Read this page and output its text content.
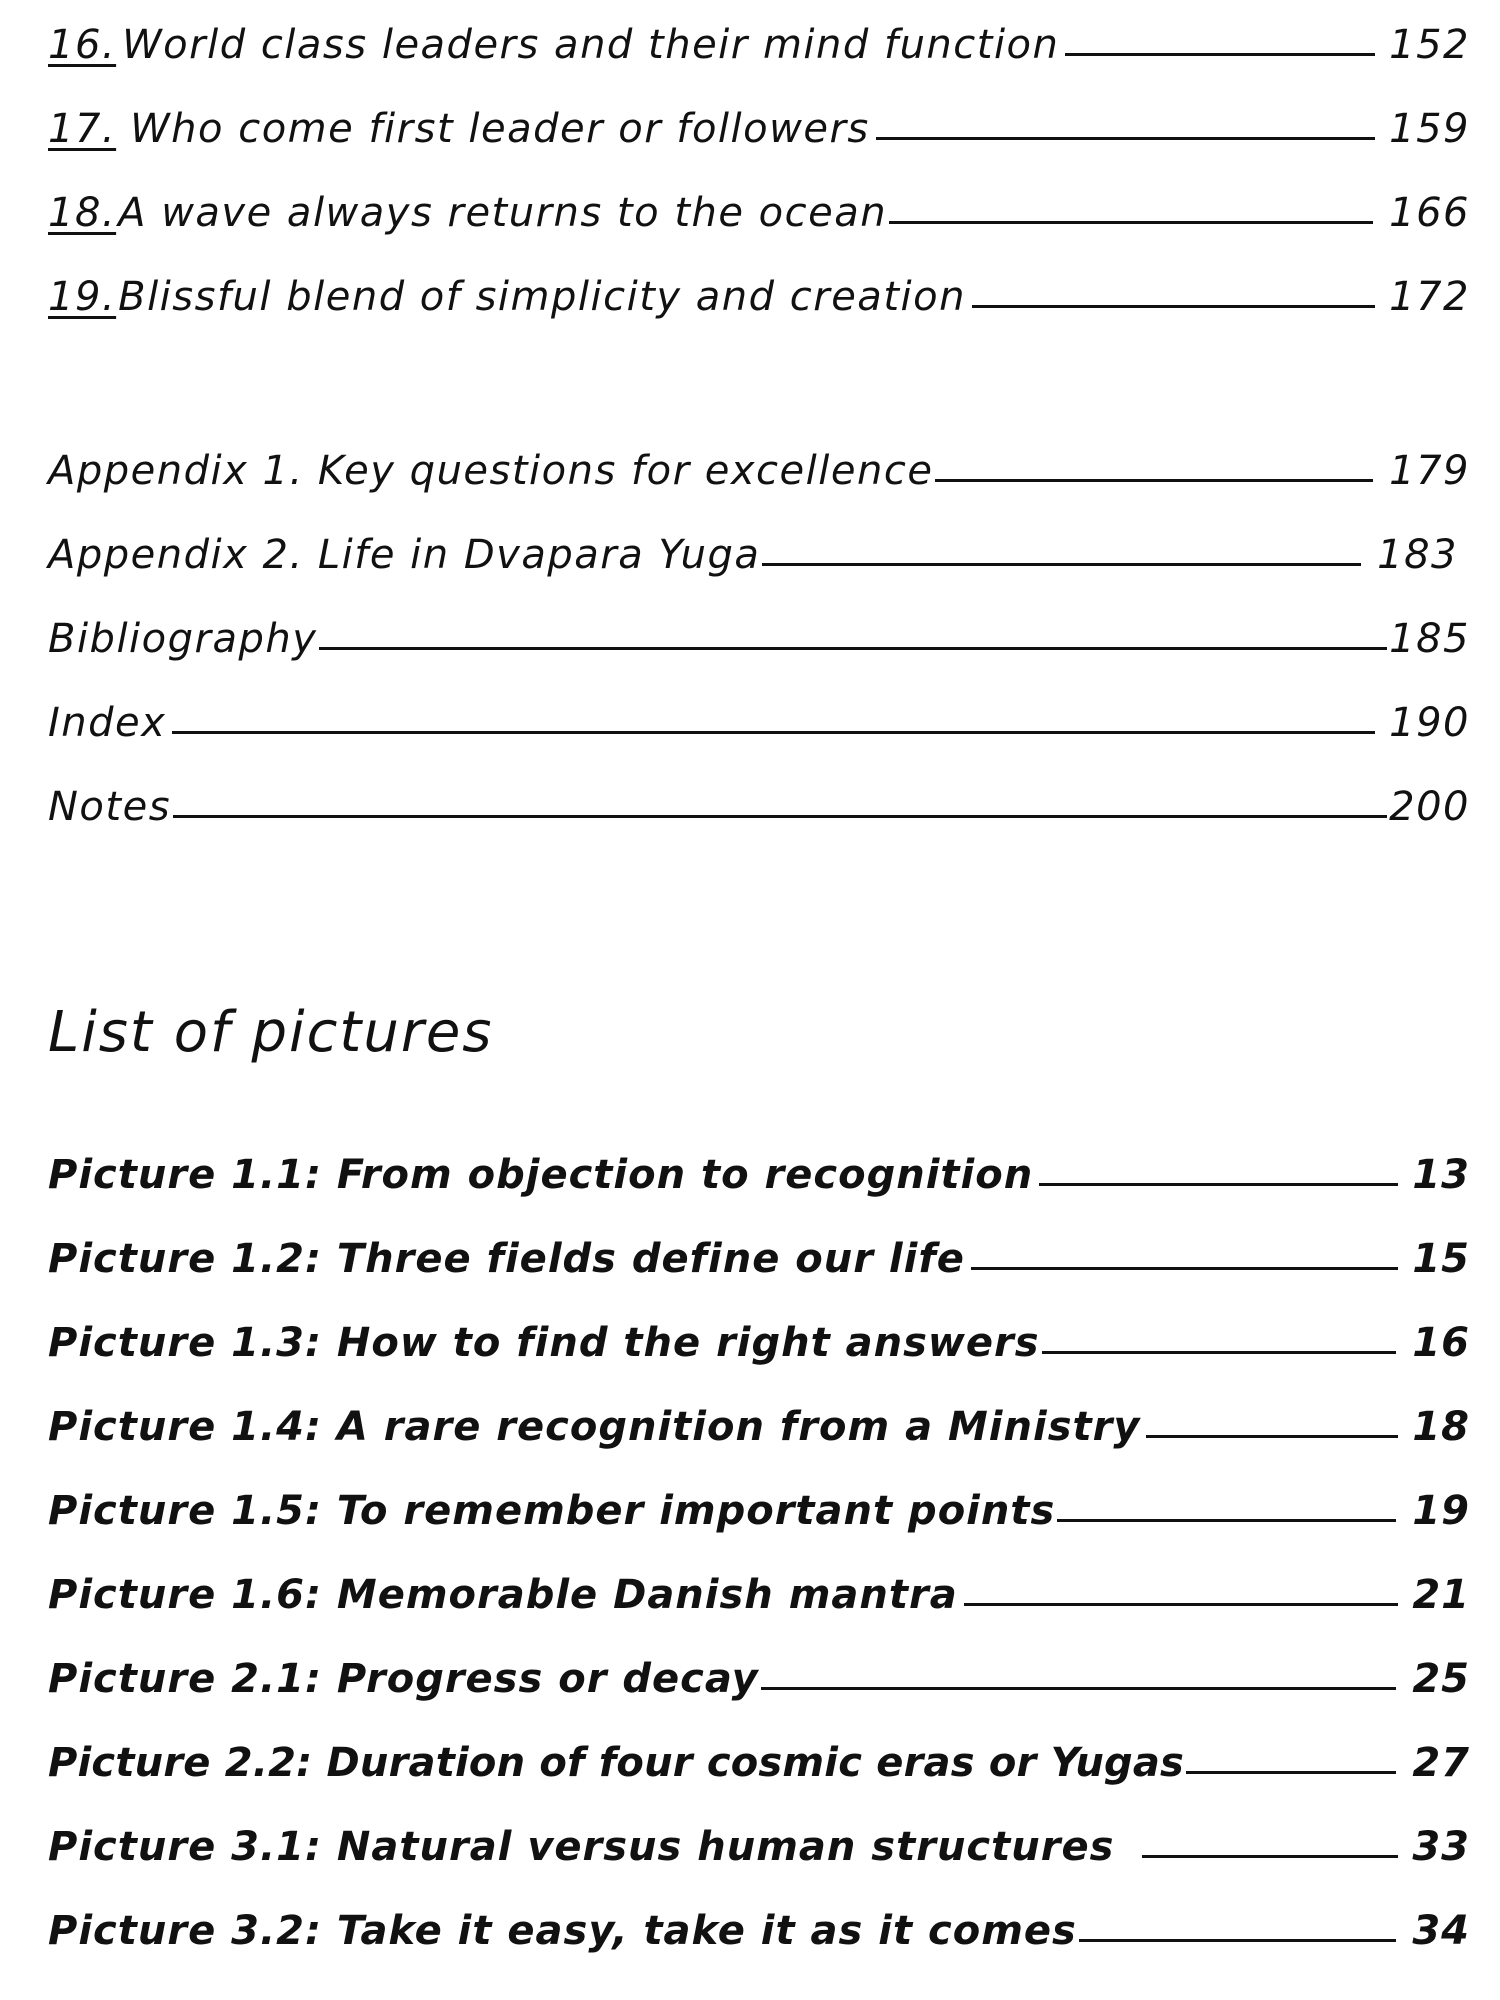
16. World class leaders and their mind function	152
17. Who come first leader or followers	159
18. A wave always returns to the ocean	166
19. Blissful blend of simplicity and creation	172
Appendix 1. Key questions for excellence	179
Appendix 2. Life in Dvapara Yuga	183
Bibliography	185
Index	190
Notes	200
List of pictures
Picture 1.1: From objection to recognition	13
Picture 1.2: Three fields define our life	15
Picture 1.3: How to find the right answers	16
Picture 1.4: A rare recognition from a Ministry	18
Picture 1.5: To remember important points	19
Picture 1.6: Memorable Danish mantra	21
Picture 2.1: Progress or decay	25
Picture 2.2: Duration of four cosmic eras or Yugas	27
Picture 3.1: Natural versus human structures	33
Picture 3.2: Take it easy, take it as it comes	34
